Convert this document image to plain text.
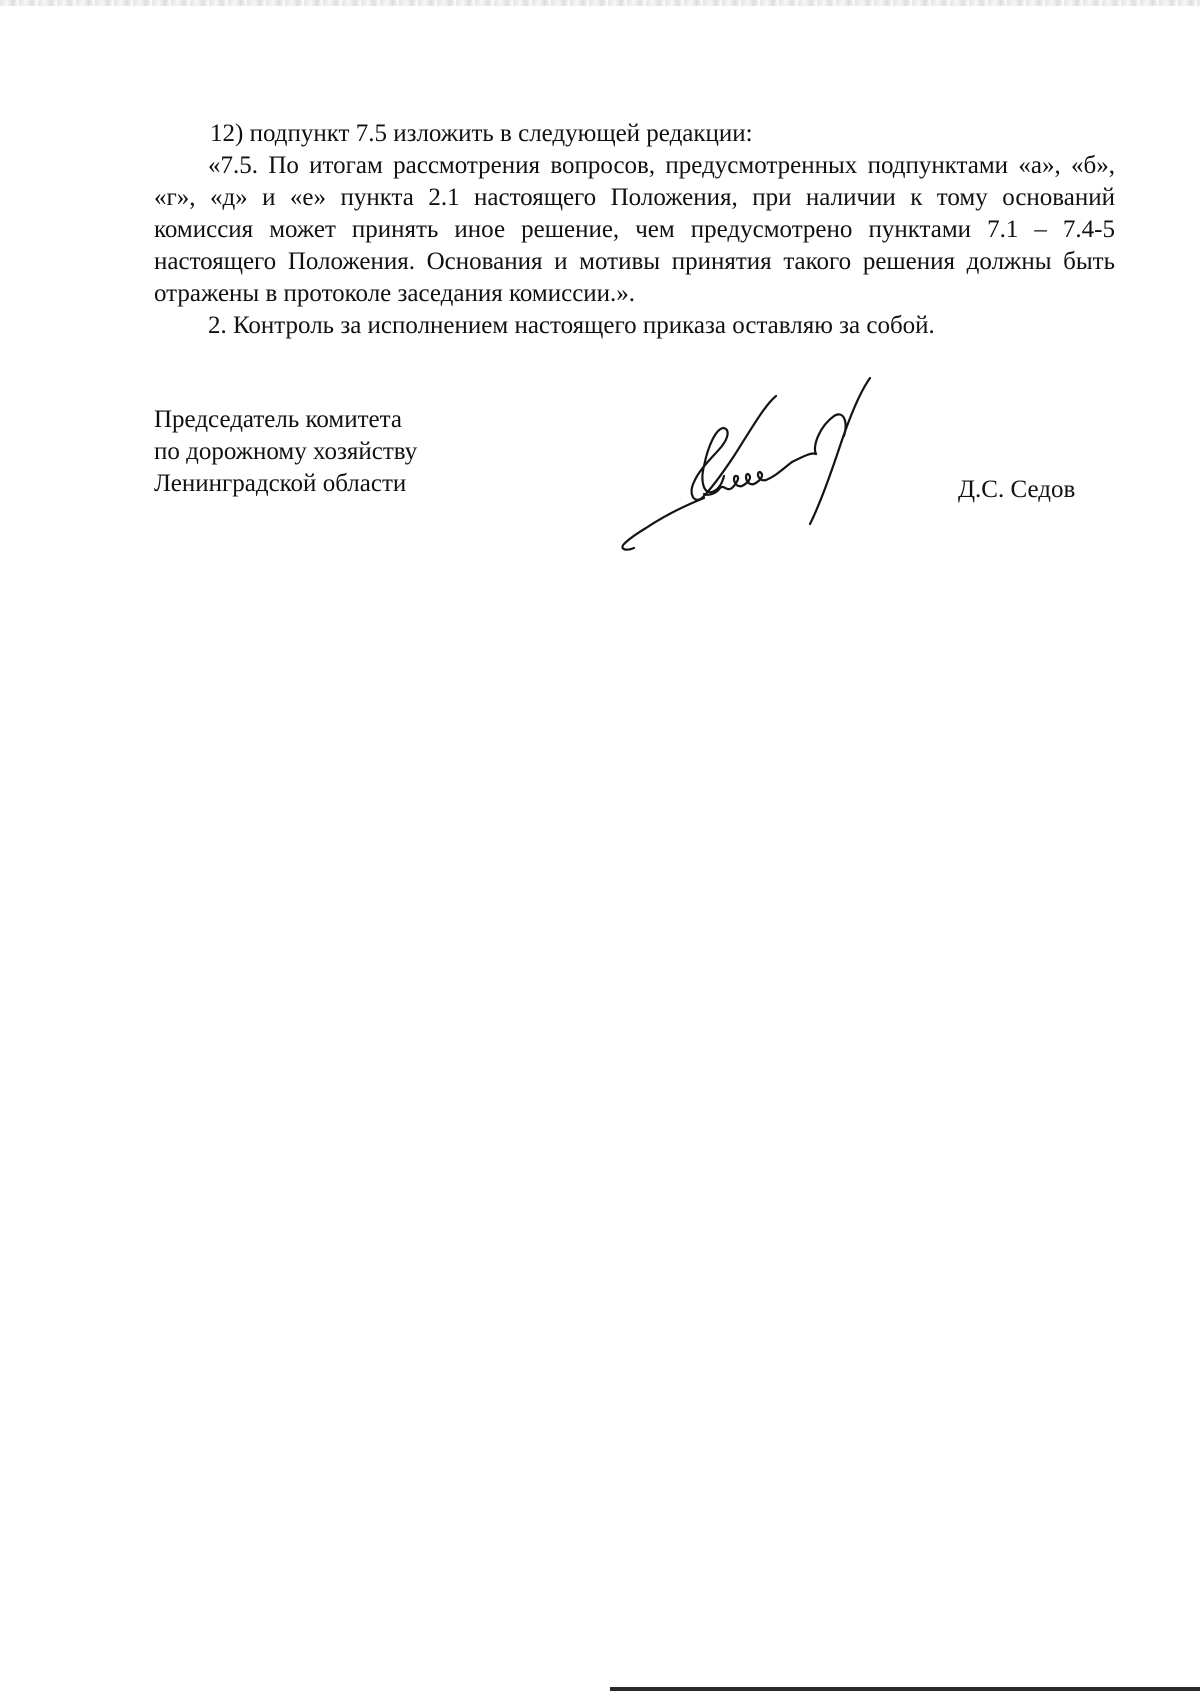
12) подпункт 7.5 изложить в следующей редакции:

«7.5. По итогам рассмотрения вопросов, предусмотренных подпунктами «а», «б», «г», «д» и «е» пункта 2.1 настоящего Положения, при наличии к тому оснований комиссия может принять иное решение, чем предусмотрено пунктами 7.1 – 7.4-5 настоящего Положения. Основания и мотивы принятия такого решения должны быть отражены в протоколе заседания комиссии.».

2. Контроль за исполнением настоящего приказа оставляю за собой.

Председатель комитета
по дорожному хозяйству
Ленинградской области	Д.С. Седов
